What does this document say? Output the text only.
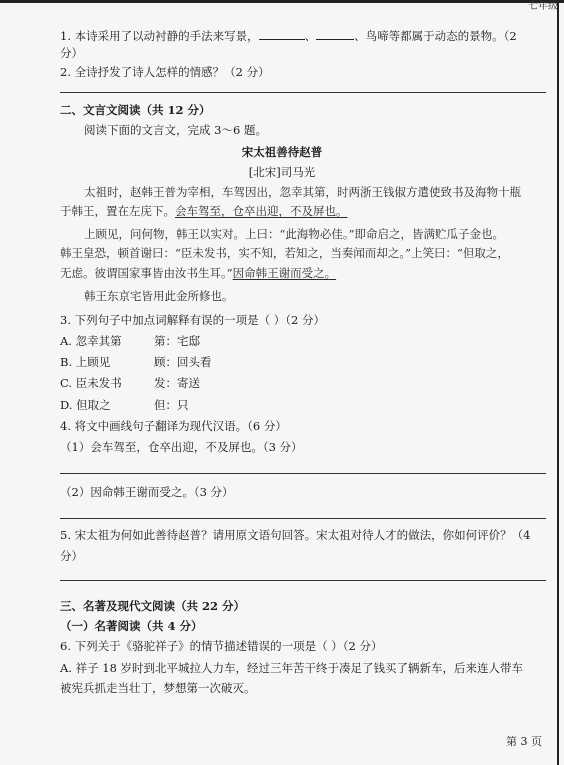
七年级
1. 本诗采用了以动衬静的手法来写景，	、	、鸟啼等都属于动态的景物。（2
分）
2. 全诗抒发了诗人怎样的情感？（2 分）
二、文言文阅读（共 12 分）
阅读下面的文言文，完成 3～6 题。
宋太祖善待赵普
[北宋]司马光
太祖时，赵韩王普为宰相，车驾因出，忽幸其第，时两浙王钱俶方遣使致书及海物十瓶
于韩王，置在左庑下。会车驾至，仓卒出迎，不及屏也。
上顾见，问何物，韩王以实对。上曰：“此海物必佳。”即命启之，皆满贮瓜子金也。
韩王皇恐，顿首谢曰：“臣未发书，实不知，若知之，当奏闻而却之。”上笑曰：“但取之，
无虑。彼谓国家事皆由汝书生耳。”因命韩王谢而受之。
韩王东京宅皆用此金所修也。
3. 下列句子中加点词解释有误的一项是（ ）（2 分）
A. 忽幸其第	第：宅邸
B. 上顾见	顾：回头看
C. 臣未发书	发：寄送
D. 但取之	但：只
4. 将文中画线句子翻译为现代汉语。（6 分）
（1）会车驾至，仓卒出迎，不及屏也。（3 分）
（2）因命韩王谢而受之。（3 分）
5. 宋太祖为何如此善待赵普？请用原文语句回答。宋太祖对待人才的做法，你如何评价？（4
分）
三、名著及现代文阅读（共 22 分）
（一）名著阅读（共 4 分）
6. 下列关于《骆驼祥子》的情节描述错误的一项是（ ）（2 分）
A. 祥子 18 岁时到北平城拉人力车，经过三年苦干终于凑足了钱买了辆新车，后来连人带车
被宪兵抓走当壮丁，梦想第一次破灭。
第 3 页
